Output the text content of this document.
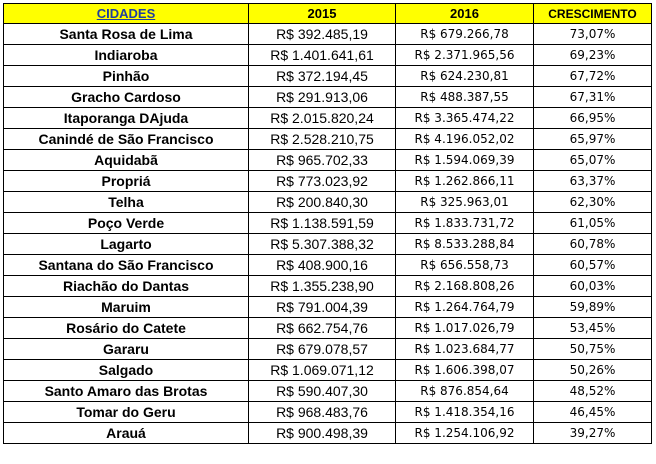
CIDADES	2015	2016	CRESCIMENTO
Santa Rosa de Lima	R$ 392.485,19	R$ 679.266,78	73,07%
Indiaroba	R$ 1.401.641,61	R$ 2.371.965,56	69,23%
Pinhão	R$ 372.194,45	R$ 624.230,81	67,72%
Gracho Cardoso	R$ 291.913,06	R$ 488.387,55	67,31%
Itaporanga DAjuda	R$ 2.015.820,24	R$ 3.365.474,22	66,95%
Canindé de São Francisco	R$ 2.528.210,75	R$ 4.196.052,02	65,97%
Aquidabã	R$ 965.702,33	R$ 1.594.069,39	65,07%
Propriá	R$ 773.023,92	R$ 1.262.866,11	63,37%
Telha	R$ 200.840,30	R$ 325.963,01	62,30%
Poço Verde	R$ 1.138.591,59	R$ 1.833.731,72	61,05%
Lagarto	R$ 5.307.388,32	R$ 8.533.288,84	60,78%
Santana do São Francisco	R$ 408.900,16	R$ 656.558,73	60,57%
Riachão do Dantas	R$ 1.355.238,90	R$ 2.168.808,26	60,03%
Maruim	R$ 791.004,39	R$ 1.264.764,79	59,89%
Rosário do Catete	R$ 662.754,76	R$ 1.017.026,79	53,45%
Gararu	R$ 679.078,57	R$ 1.023.684,77	50,75%
Salgado	R$ 1.069.071,12	R$ 1.606.398,07	50,26%
Santo Amaro das Brotas	R$ 590.407,30	R$ 876.854,64	48,52%
Tomar do Geru	R$ 968.483,76	R$ 1.418.354,16	46,45%
Arauá	R$ 900.498,39	R$ 1.254.106,92	39,27%
